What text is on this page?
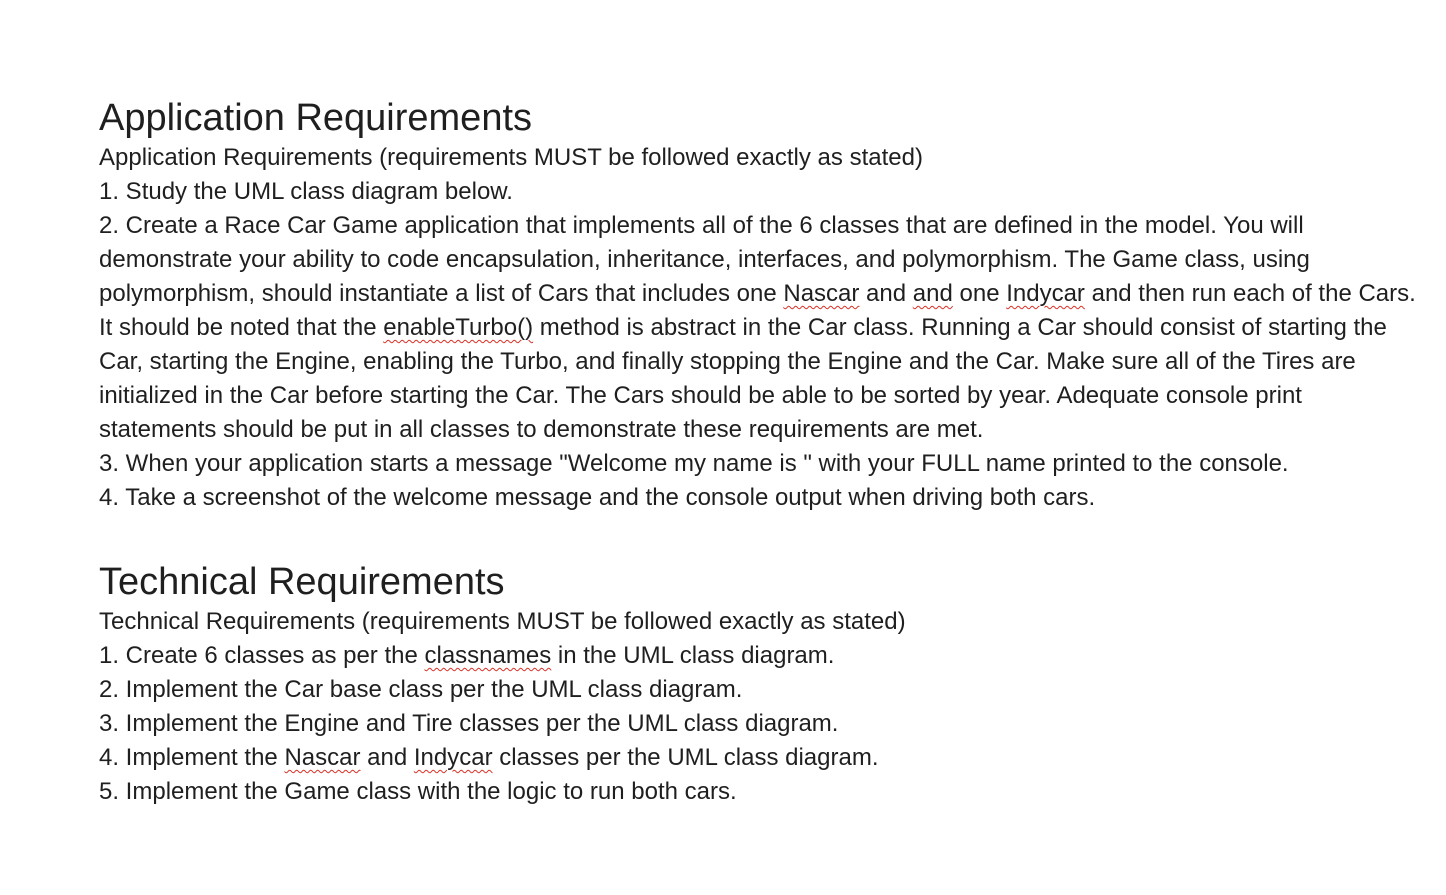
Application Requirements

Application Requirements (requirements MUST be followed exactly as stated)

1. Study the UML class diagram below.

2. Create a Race Car Game application that implements all of the 6 classes that are defined in the model. You will demonstrate your ability to code encapsulation, inheritance, interfaces, and polymorphism. The Game class, using polymorphism, should instantiate a list of Cars that includes one Nascar and and one Indycar and then run each of the Cars. It should be noted that the enableTurbo() method is abstract in the Car class. Running a Car should consist of starting the Car, starting the Engine, enabling the Turbo, and finally stopping the Engine and the Car. Make sure all of the Tires are initialized in the Car before starting the Car. The Cars should be able to be sorted by year. Adequate console print statements should be put in all classes to demonstrate these requirements are met.

3. When your application starts a message "Welcome my name is " with your FULL name printed to the console.

4. Take a screenshot of the welcome message and the console output when driving both cars.

Technical Requirements

Technical Requirements (requirements MUST be followed exactly as stated)

1. Create 6 classes as per the classnames in the UML class diagram.

2. Implement the Car base class per the UML class diagram.

3. Implement the Engine and Tire classes per the UML class diagram.

4. Implement the Nascar and Indycar classes per the UML class diagram.

5. Implement the Game class with the logic to run both cars.
